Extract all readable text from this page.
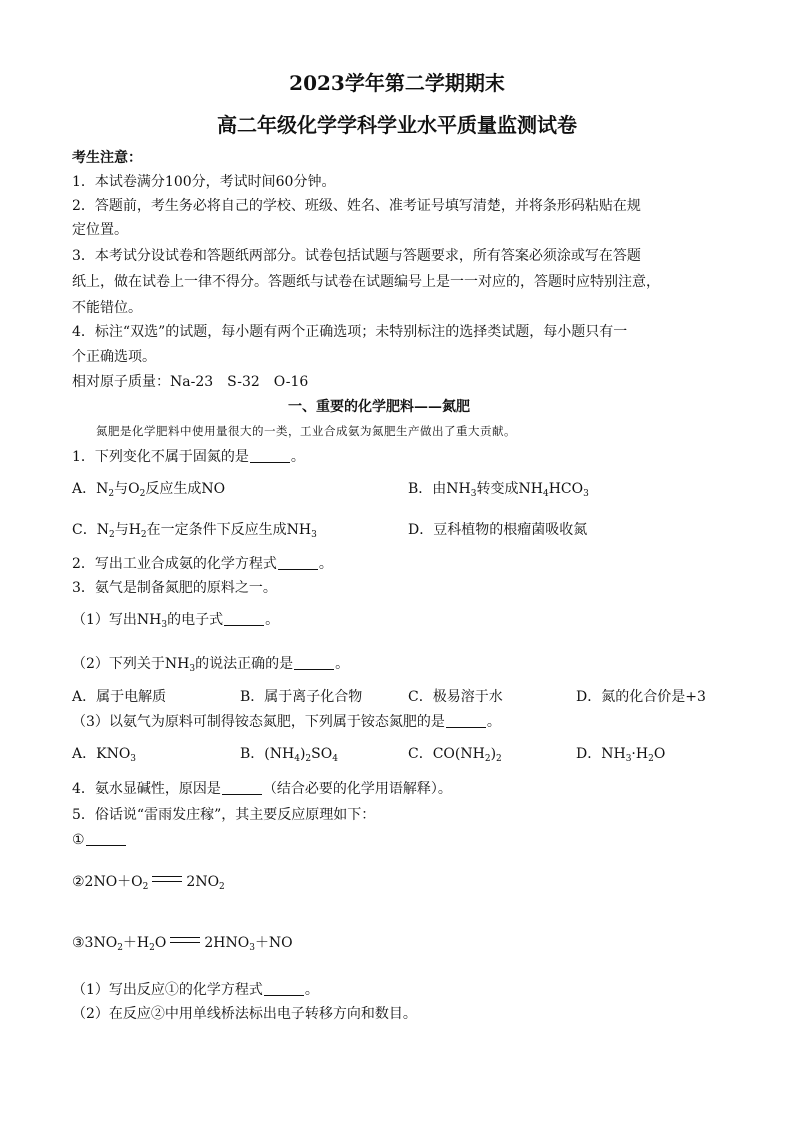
2023学年第二学期期末
高二年级化学学科学业水平质量监测试卷
考生注意：
1．本试卷满分100分，考试时间60分钟。
2．答题前，考生务必将自己的学校、班级、姓名、准考证号填写清楚，并将条形码粘贴在规
定位置。
3．本考试分设试卷和答题纸两部分。试卷包括试题与答题要求，所有答案必须涂或写在答题
纸上，做在试卷上一律不得分。答题纸与试卷在试题编号上是一一对应的，答题时应特别注意，
不能错位。
4．标注“双选”的试题，每小题有两个正确选项；未特别标注的选择类试题，每小题只有一
个正确选项。
相对原子质量：Na-23　S-32　O-16
一、重要的化学肥料——氮肥
氮肥是化学肥料中使用量很大的一类，工业合成氨为氮肥生产做出了重大贡献。
1．下列变化不属于固氮的是	。
A．$N_2$与$O_2$反应生成NO	B．由$NH_3$转变成$NH_4HCO_3$
C．$N_2$与$H_2$在一定条件下反应生成$NH_3$	D．豆科植物的根瘤菌吸收氮
2．写出工业合成氨的化学方程式	。
3．氨气是制备氮肥的原料之一。
（1）写出$NH_3$的电子式	。
（2）下列关于$NH_3$的说法正确的是	。
A．属于电解质	B．属于离子化合物	C．极易溶于水	D．氮的化合价是+3
（3）以氨气为原料可制得铵态氮肥，下列属于铵态氮肥的是	。
A．$KNO_3$	B．$(NH_4)_2SO_4$	C．$CO(NH_2)_2$	D．$NH_3\cdot H_2O$
4．氨水显碱性，原因是	（结合必要的化学用语解释）。
5．俗话说“雷雨发庄稼”，其主要反应原理如下：
①
$②2NO+O_2$	$2NO_2$
$③3NO_2+H_2O$	$2HNO_3+NO$
（1）写出反应①的化学方程式	。
（2）在反应②中用单线桥法标出电子转移方向和数目。
